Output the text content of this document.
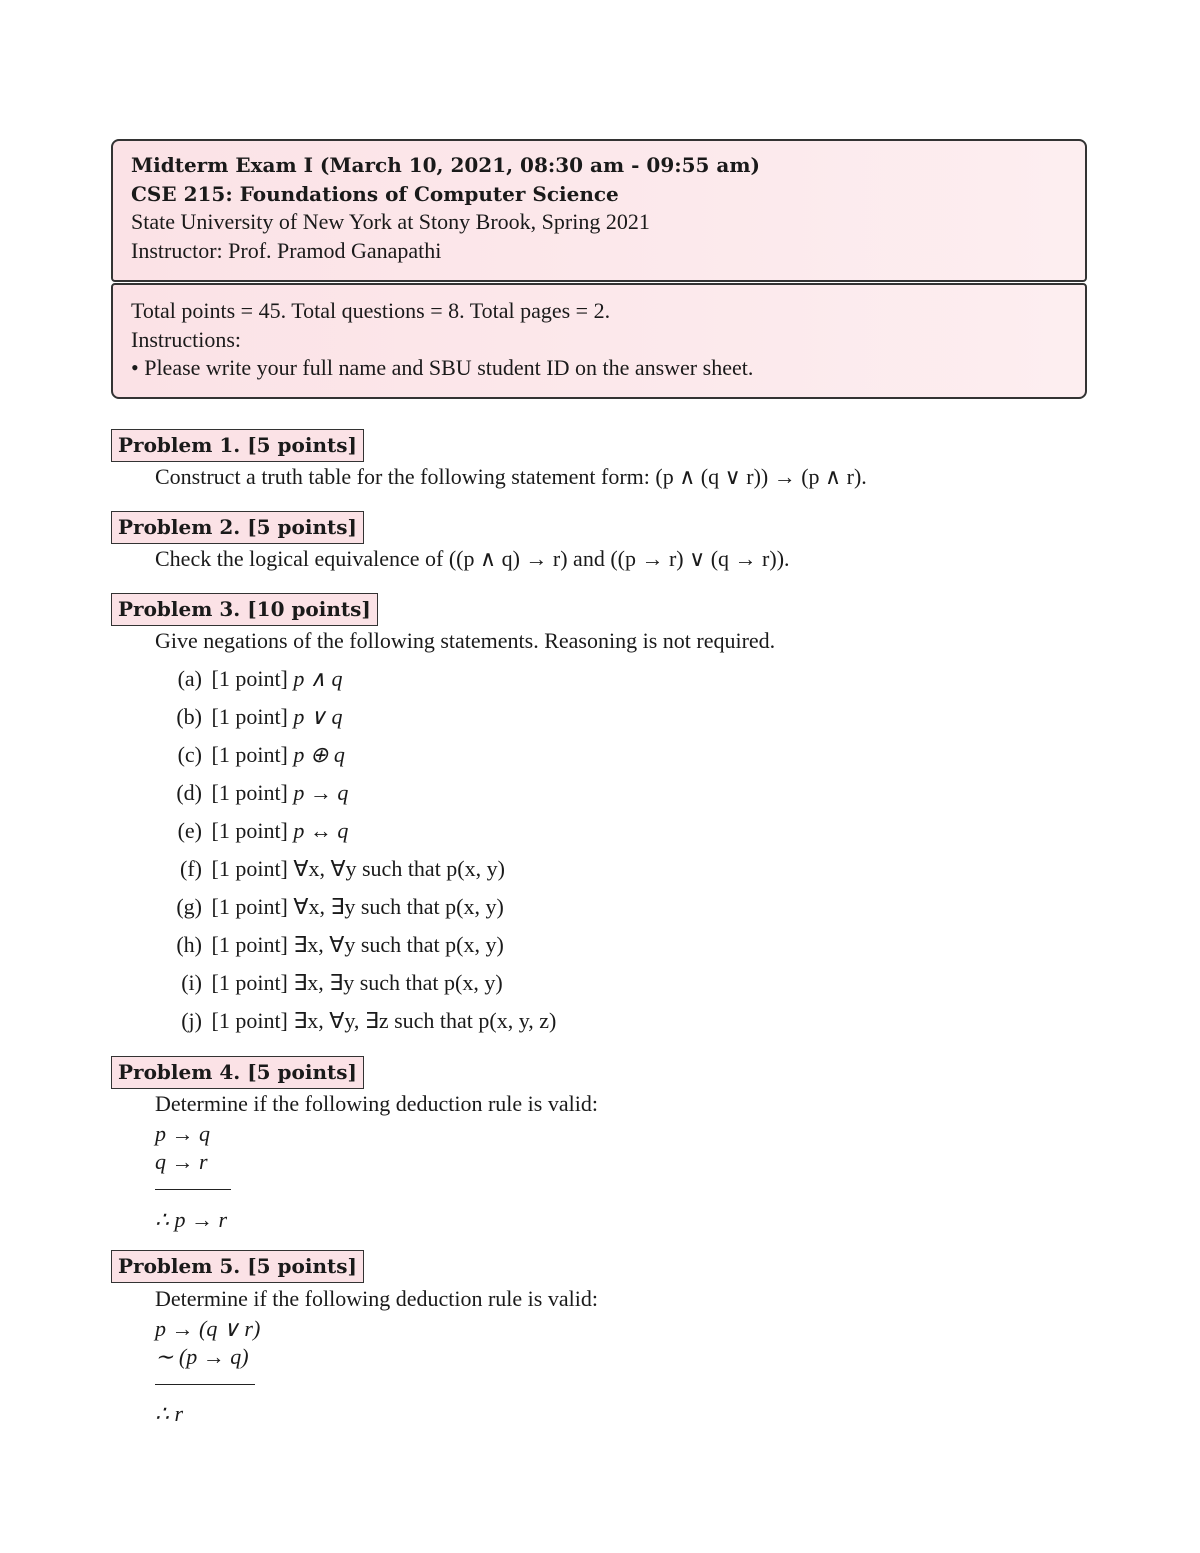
Midterm Exam I (March 10, 2021, 08:30 am - 09:55 am)
CSE 215: Foundations of Computer Science
State University of New York at Stony Brook, Spring 2021
Instructor: Prof. Pramod Ganapathi
Total points = 45. Total questions = 8. Total pages = 2.
Instructions:
• Please write your full name and SBU student ID on the answer sheet.
Problem 1. [5 points]
Construct a truth table for the following statement form: (p ∧ (q ∨ r)) → (p ∧ r).
Problem 2. [5 points]
Check the logical equivalence of ((p ∧ q) → r) and ((p → r) ∨ (q → r)).
Problem 3. [10 points]
Give negations of the following statements. Reasoning is not required.
(a) [1 point] p ∧ q
(b) [1 point] p ∨ q
(c) [1 point] p ⊕ q
(d) [1 point] p → q
(e) [1 point] p ↔ q
(f) [1 point] ∀x, ∀y such that p(x, y)
(g) [1 point] ∀x, ∃y such that p(x, y)
(h) [1 point] ∃x, ∀y such that p(x, y)
(i) [1 point] ∃x, ∃y such that p(x, y)
(j) [1 point] ∃x, ∀y, ∃z such that p(x, y, z)
Problem 4. [5 points]
Determine if the following deduction rule is valid:
p → q
q → r
∴ p → r
Problem 5. [5 points]
Determine if the following deduction rule is valid:
p → (q ∨ r)
∼ (p → q)
∴ r
